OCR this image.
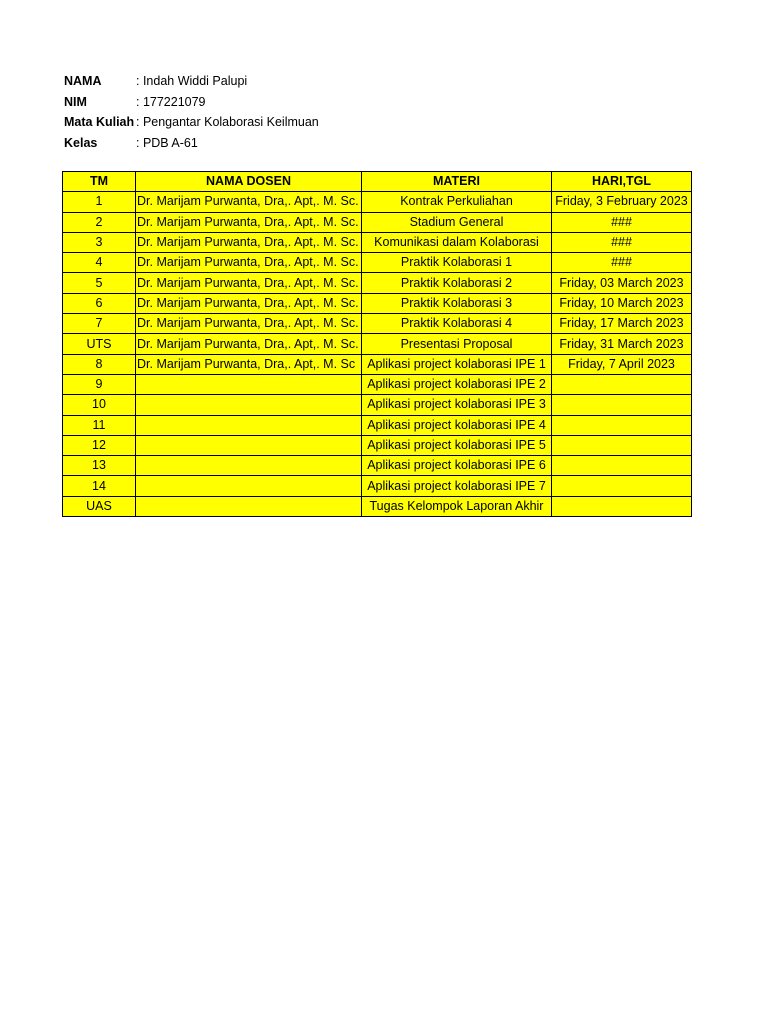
NAMA	: Indah Widdi Palupi
NIM	: 177221079
Mata Kuliah : Pengantar Kolaborasi Keilmuan
Kelas	: PDB A-61
TM	NAMA DOSEN	MATERI	HARI,TGL
1	Dr. Marijam Purwanta, Dra,. Apt,. M. Sc.	Kontrak Perkuliahan	Friday, 3 February 2023
2	Dr. Marijam Purwanta, Dra,. Apt,. M. Sc.	Stadium General	###
3	Dr. Marijam Purwanta, Dra,. Apt,. M. Sc.	Komunikasi dalam Kolaborasi	###
4	Dr. Marijam Purwanta, Dra,. Apt,. M. Sc.	Praktik Kolaborasi 1	###
5	Dr. Marijam Purwanta, Dra,. Apt,. M. Sc.	Praktik Kolaborasi 2	Friday, 03 March 2023
6	Dr. Marijam Purwanta, Dra,. Apt,. M. Sc.	Praktik Kolaborasi 3	Friday, 10 March 2023
7	Dr. Marijam Purwanta, Dra,. Apt,. M. Sc.	Praktik Kolaborasi 4	Friday, 17 March 2023
UTS	Dr. Marijam Purwanta, Dra,. Apt,. M. Sc.	Presentasi Proposal	Friday, 31 March 2023
8	Dr. Marijam Purwanta, Dra,. Apt,. M. Sc	Aplikasi project kolaborasi IPE 1	Friday, 7 April 2023
9		Aplikasi project kolaborasi IPE 2	
10		Aplikasi project kolaborasi IPE 3	
11		Aplikasi project kolaborasi IPE 4	
12		Aplikasi project kolaborasi IPE 5	
13		Aplikasi project kolaborasi IPE 6	
14		Aplikasi project kolaborasi IPE 7	
UAS		Tugas Kelompok Laporan Akhir	
